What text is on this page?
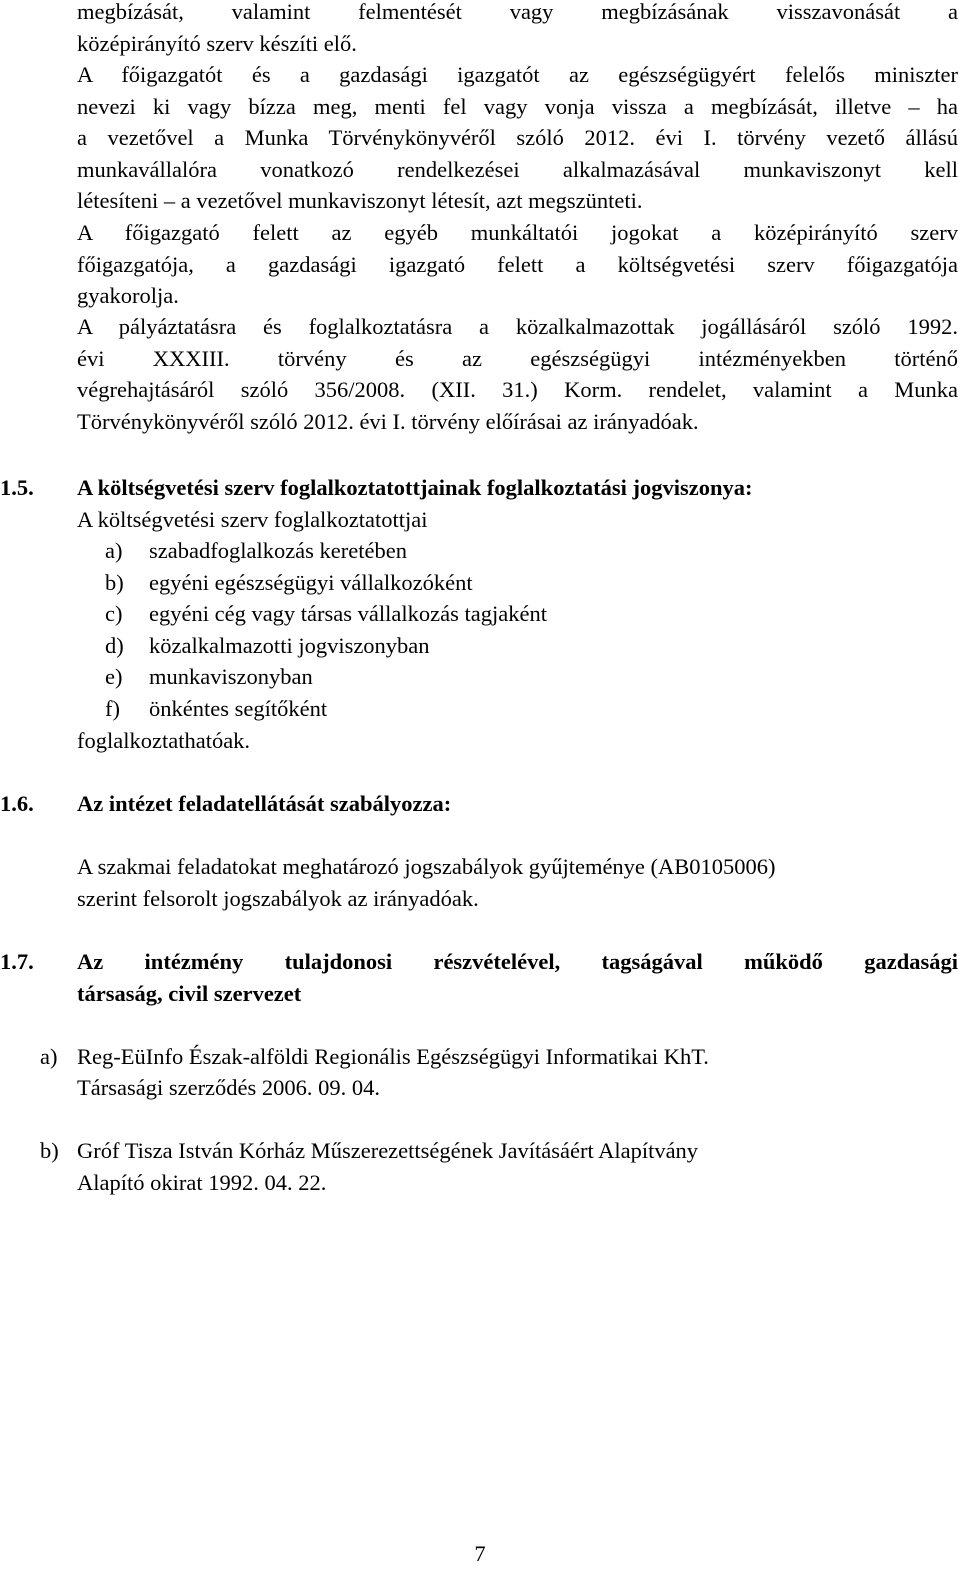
megbízását, valamint felmentését vagy megbízásának visszavonását a
középirányító szerv készíti elő.
A főigazgatót és a gazdasági igazgatót az egészségügyért felelős miniszter
nevezi ki vagy bízza meg, menti fel vagy vonja vissza a megbízását, illetve – ha
a vezetővel a Munka Törvénykönyvéről szóló 2012. évi I. törvény vezető állású
munkavállalóra vonatkozó rendelkezései alkalmazásával munkaviszonyt kell
létesíteni – a vezetővel munkaviszonyt létesít, azt megszünteti.
A főigazgató felett az egyéb munkáltatói jogokat a középirányító szerv
főigazgatója, a gazdasági igazgató felett a költségvetési szerv főigazgatója
gyakorolja.
A pályáztatásra és foglalkoztatásra a közalkalmazottak jogállásáról szóló 1992.
évi XXXIII. törvény és az egészségügyi intézményekben történő
végrehajtásáról szóló 356/2008. (XII. 31.) Korm. rendelet, valamint a Munka
Törvénykönyvéről szóló 2012. évi I. törvény előírásai az irányadóak.
1.5. A költségvetési szerv foglalkoztatottjainak foglalkoztatási jogviszonya:
A költségvetési szerv foglalkoztatottjai
a) szabadfoglalkozás keretében
b) egyéni egészségügyi vállalkozóként
c) egyéni cég vagy társas vállalkozás tagjaként
d) közalkalmazotti jogviszonyban
e) munkaviszonyban
f) önkéntes segítőként
foglalkoztathatóak.
1.6. Az intézet feladatellátását szabályozza:
A szakmai feladatokat meghatározó jogszabályok gyűjteménye (AB0105006)
szerint felsorolt jogszabályok az irányadóak.
1.7. Az intézmény tulajdonosi részvételével, tagságával működő gazdasági
társaság, civil szervezet
a) Reg-EüInfo Észak-alföldi Regionális Egészségügyi Informatikai KhT.
Társasági szerződés 2006. 09. 04.
b) Gróf Tisza István Kórház Műszerezettségének Javításáért Alapítvány
Alapító okirat 1992. 04. 22.
7
